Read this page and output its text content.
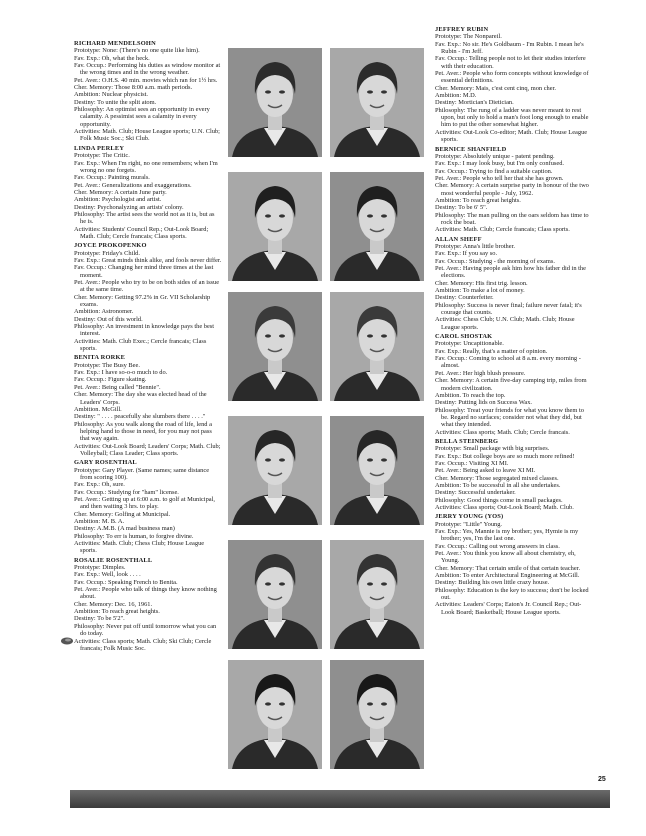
RICHARD MENDELSOHN
Prototype: None: (There's no one quite like him).
Fav. Exp.: Oh, what the heck.
Fav. Occup.: Performing his duties as window monitor at the wrong times and in the wrong weather.
Pet. Aver.: O.H.S. 40 min. movies which ran for 1½ hrs.
Cher. Memory: Those 8:00 a.m. math periods.
Ambition: Nuclear physicist.
Destiny: To unite the split atom.
Philosophy: An optimist sees an opportunity in every calamity. A pessimist sees a calamity in every opportunity.
Activities: Math. Club; House League sports; U.N. Club; Folk Music Soc.; Ski Club.
LINDA PERLEY
Prototype: The Critic.
Fav. Exp.: When I'm right, no one remembers; when I'm wrong no one forgets.
Fav. Occup.: Painting murals.
Pet. Aver.: Generalizations and exaggerations.
Cher. Memory: A certain June party.
Ambition: Psychologist and artist.
Destiny: Psychonalyzing an artists' colony.
Philosophy: The artist sees the world not as it is, but as he is.
Activities: Students' Council Rep.; Out-Look Board; Math. Club; Cercle francais; Class sports.
JOYCE PROKOPENKO
Prototype: Friday's Child.
Fav. Exp.: Great minds think alike, and fools never differ.
Fav. Occup.: Changing her mind three times at the last moment.
Pet. Aver.: People who try to be on both sides of an issue at the same time.
Cher. Memory: Getting 97.2% in Gr. VII Scholarship exams.
Ambition: Astronomer.
Destiny: Out of this world.
Philosophy: An investment in knowledge pays the best interest.
Activities: Math. Club Exec.; Cercle francais; Class sports.
BENITA RORKE
Prototype: The Busy Bee.
Fav. Exp.: I have so-o-o much to do.
Fav. Occup.: Figure skating.
Pet. Aver.: Being called "Bennie".
Cher. Memory: The day she was elected head of the Leaders' Corps.
Ambition. McGill.
Destiny: " . . . . peacefully she slumbers there . . . ."
Philosophy: As you walk along the road of life, lend a helping hand to those in need, for you may not pass that way again.
Activities: Out-Look Board; Leaders' Corps; Math. Club; Volleyball; Class Leader; Class sports.
GARY ROSENTHAL
Prototype: Gary Player. (Same names; same distance from scoring 100).
Fav. Exp.: Oh, sure.
Fav. Occup.: Studying for "ham" license.
Pet. Aver.: Getting up at 6:00 a.m. to golf at Municipal, and then waiting 3 hrs. to play.
Cher. Memory: Golfing at Municipal.
Ambition: M. B. A.
Destiny: A.M.B. (A mad business man)
Philosophy: To err is human, to forgive divine.
Activities: Math. Club; Chess Club; House League sports.
ROSALIE ROSENTHALL
Prototype: Dimples.
Fav. Exp.: Well, look . . . .
Fav. Occup.: Speaking French to Benita.
Pet. Aver.: People who talk of things they know nothing about.
Cher. Memory: Dec. 16, 1961.
Ambition: To reach great heights.
Destiny: To be 5'2".
Philosophy: Never put off until tomorrow what you can do today.
Activities: Class sports; Math. Club; Ski Club; Cercle francais; Folk Music Soc.
JEFFREY RUBIN
Prototype: The Nonpareil.
Fav. Exp.: No sir. He's Goldbaum - I'm Rubin. I mean he's Rubin - I'm Jeff.
Fav. Occup.: Telling people not to let their studies interfere with their education.
Pet. Aver.: People who form concepts without knowledge of essential definitions.
Cher. Memory: Mais, c'est cent cinq, mon cher.
Ambition: M.D.
Destiny: Mortician's Dietician.
Philosophy: The rung of a ladder was never meant to rest upon, but only to hold a man's foot long enough to enable him to put the other somewhat higher.
Activities: Out-Look Co-editor; Math. Club; House League sports.
BERNICE SHANFIELD
Prototype: Absolutely unique - patent pending.
Fav. Exp.: I may look busy, but I'm only confused.
Fav. Occup.: Trying to find a suitable caption.
Pet. Aver.: People who tell her that she has grown.
Cher. Memory: A certain surprise party in honour of the two most wonderful people - July, 1962.
Ambition: To reach great heights.
Destiny: To be 6' 5".
Philosophy: The man pulling on the oars seldom has time to rock the boat.
Activities: Math. Club; Cercle francais; Class sports.
ALLAN SHEFF
Prototype: Anna's little brother.
Fav. Exp.: If you say so.
Fav. Occup.: Studying - the morning of exams.
Pet. Aver.: Having people ask him how his father did in the elections.
Cher. Memory: His first trig. lesson.
Ambition: To make a lot of money.
Destiny: Counterfeiter.
Philosophy: Success is never final; failure never fatal; it's courage that counts.
Activities: Chess Club; U.N. Club; Math. Club; House League sports.
CAROL SHOSTAK
Prototype: Uncapitionable.
Fav. Exp.: Really, that's a matter of opinion.
Fav. Occup.: Coming to school at 8 a.m. every morning - almost.
Pet. Aver.: Her high blush pressure.
Cher. Memory: A certain five-day camping trip, miles from modern civilization.
Ambition. To reach the top.
Destiny: Putting lids on Success Wax.
Philosophy: Treat your friends for what you know them to be. Regard no surfaces; consider not what they did, but what they intended.
Activities: Class sports; Math. Club; Cercle francais.
BELLA STEINBERG
Prototype: Small package with big surprises.
Fav. Exp.: But college boys are so much more refined!
Fav. Occup.: Visiting XI MI.
Pet. Aver.: Being asked to leave XI MI.
Cher. Memory: Those segregated mixed classes.
Ambition: To be successful in all she undertakes.
Destiny: Successful undertaker.
Philosophy: Good things come in small packages.
Activities: Class sports; Out-Look Board; Math. Club.
JERRY YOUNG (YOS)
Prototype: "Little" Young.
Fav. Exp.: Yes, Mannie is my brother; yes, Hymie is my brother; yes, I'm the last one.
Fav. Occup.: Calling out wrong answers in class.
Pet. Aver.: You think you know all about chemistry, eh, Young.
Cher. Memory: That certain smile of that certain teacher.
Ambition: To enter Architectural Engineering at McGill.
Destiny: Building his own little crazy house.
Philosophy: Education is the key to success; don't be locked out.
Activities: Leaders' Corps; Eaton's Jr. Council Rep.; Out-Look Board; Basketball; House League sports.
25
